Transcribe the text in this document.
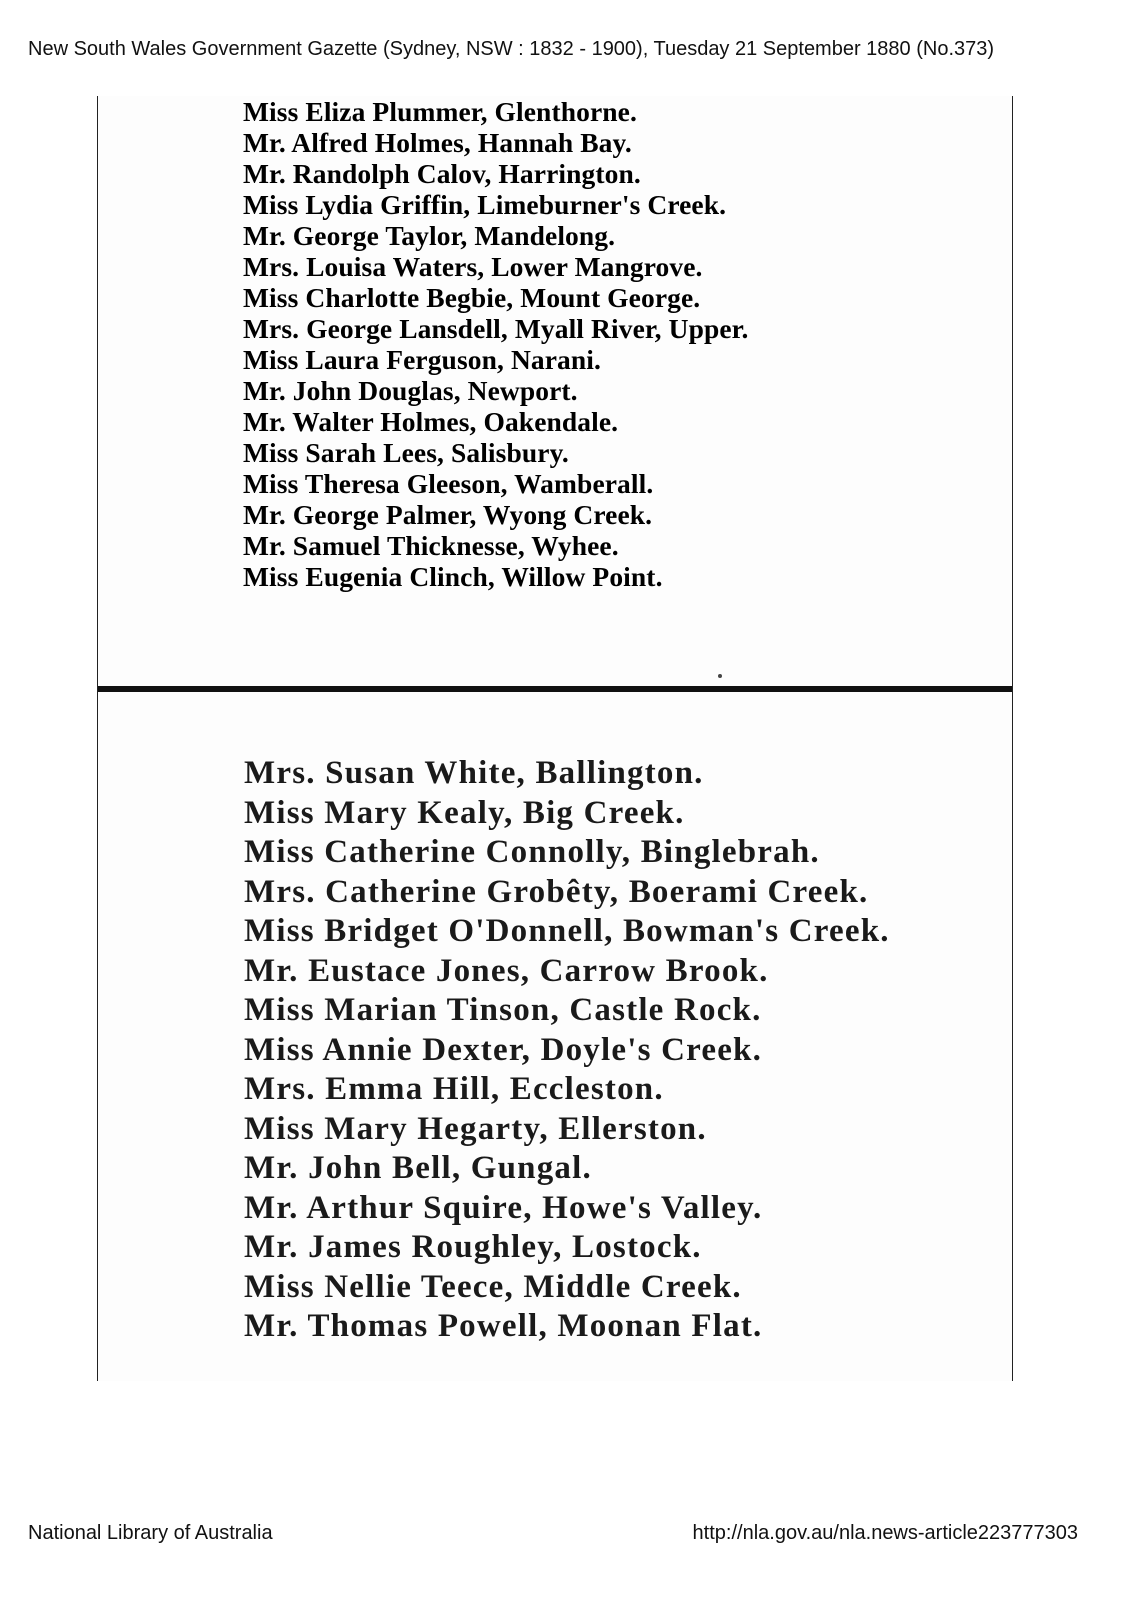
New South Wales Government Gazette (Sydney, NSW : 1832 - 1900), Tuesday 21 September 1880 (No.373)
Miss Eliza Plummer, Glenthorne.
Mr. Alfred Holmes, Hannah Bay.
Mr. Randolph Calov, Harrington.
Miss Lydia Griffin, Limeburner's Creek.
Mr. George Taylor, Mandelong.
Mrs. Louisa Waters, Lower Mangrove.
Miss Charlotte Begbie, Mount George.
Mrs. George Lansdell, Myall River, Upper.
Miss Laura Ferguson, Narani.
Mr. John Douglas, Newport.
Mr. Walter Holmes, Oakendale.
Miss Sarah Lees, Salisbury.
Miss Theresa Gleeson, Wamberall.
Mr. George Palmer, Wyong Creek.
Mr. Samuel Thicknesse, Wyhee.
Miss Eugenia Clinch, Willow Point.
Mrs. Susan White, Ballington.
Miss Mary Kealy, Big Creek.
Miss Catherine Connolly, Binglebrah.
Mrs. Catherine Grobêty, Boerami Creek.
Miss Bridget O'Donnell, Bowman's Creek.
Mr. Eustace Jones, Carrow Brook.
Miss Marian Tinson, Castle Rock.
Miss Annie Dexter, Doyle's Creek.
Mrs. Emma Hill, Eccleston.
Miss Mary Hegarty, Ellerston.
Mr. John Bell, Gungal.
Mr. Arthur Squire, Howe's Valley.
Mr. James Roughley, Lostock.
Miss Nellie Teece, Middle Creek.
Mr. Thomas Powell, Moonan Flat.
National Library of Australia	http://nla.gov.au/nla.news-article223777303
